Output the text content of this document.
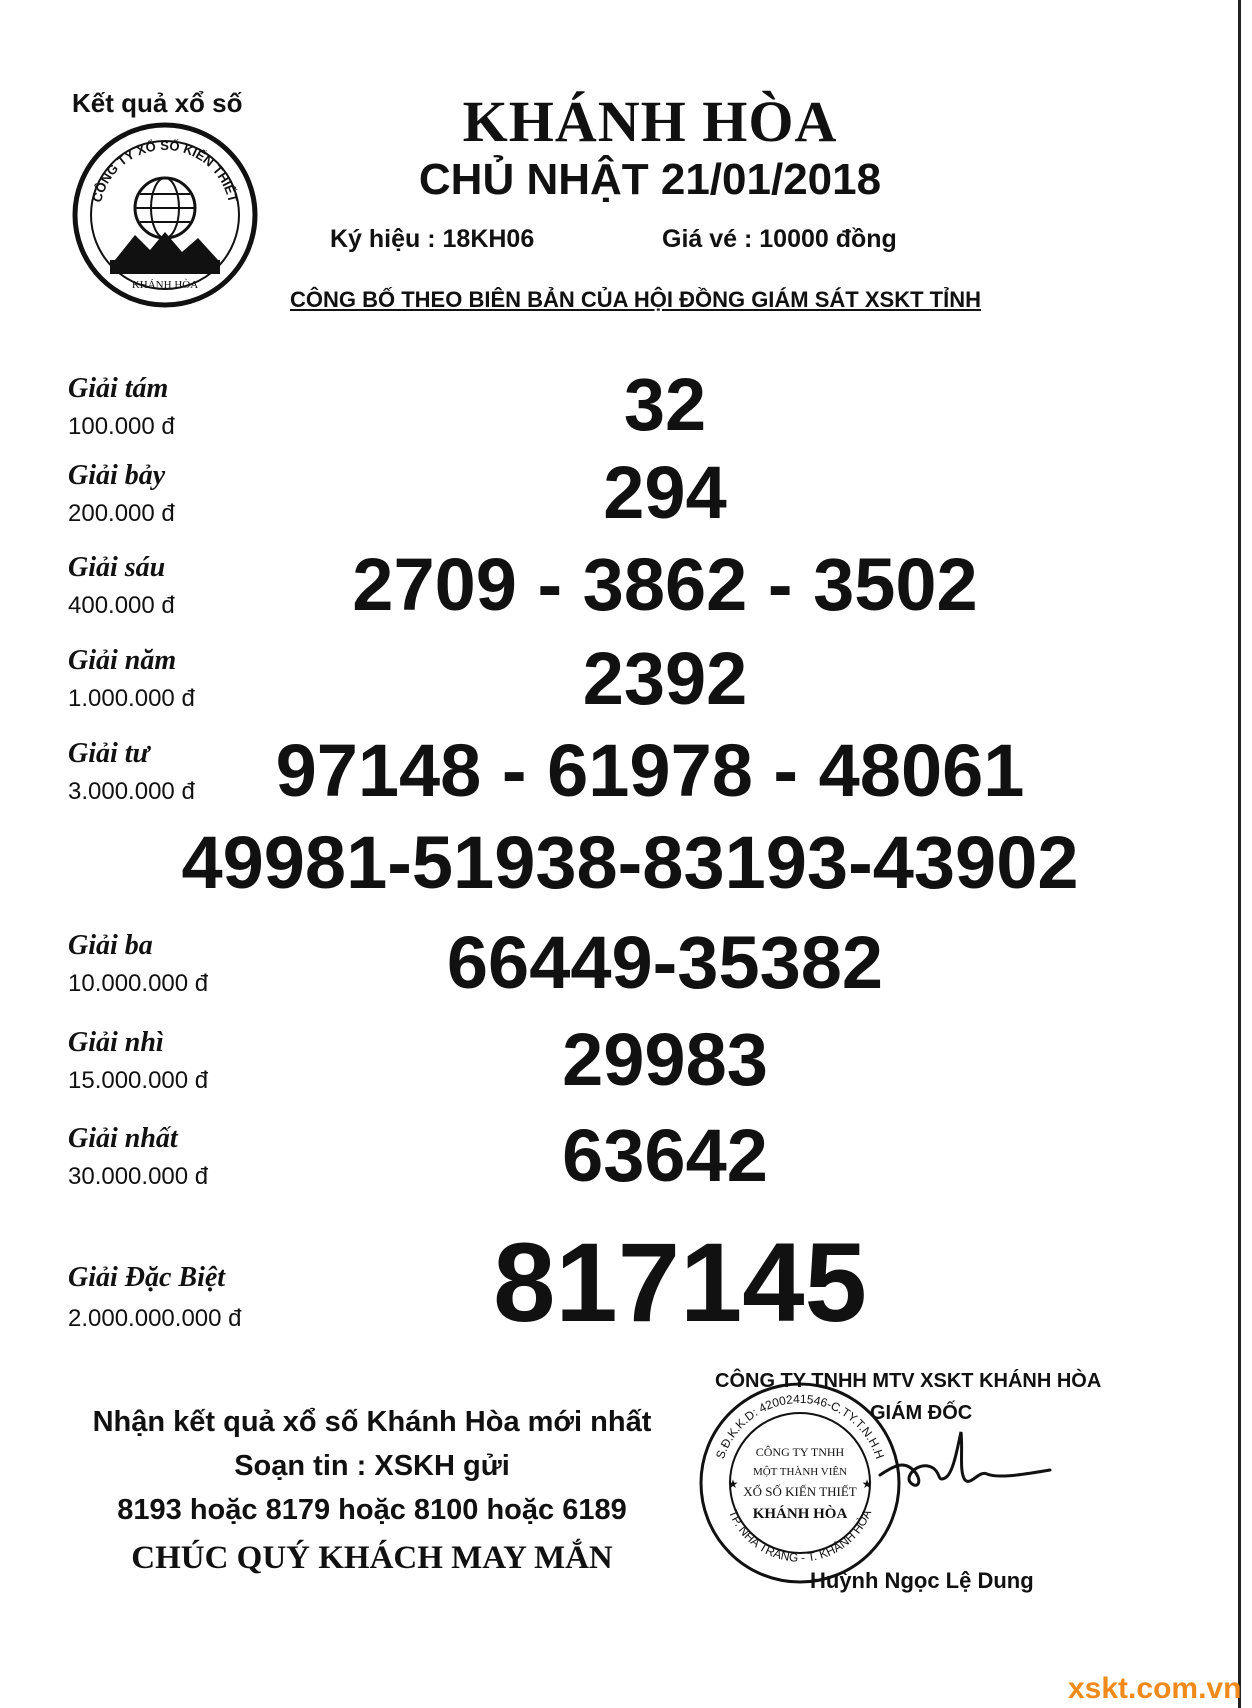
Kết quả xổ số
CÔNG TY XỔ SỐ KIẾN THIẾT
KHÁNH HÒA
KHÁNH HÒA
CHỦ NHẬT 21/01/2018
Ký hiệu : 18KH06	Giá vé : 10000 đồng
CÔNG BỐ THEO BIÊN BẢN CỦA HỘI ĐỒNG GIÁM SÁT XSKT TỈNH
Giải tám
100.000 đ	32
Giải bảy
200.000 đ	294
Giải sáu
400.000 đ	2709 - 3862 - 3502
Giải năm
1.000.000 đ	2392
Giải tư
3.000.000 đ	97148 - 61978 - 48061
49981-51938-83193-43902
Giải ba
10.000.000 đ	66449-35382
Giải nhì
15.000.000 đ	29983
Giải nhất
30.000.000 đ	63642
Giải Đặc Biệt
2.000.000.000 đ	817145
Nhận kết quả xổ số Khánh Hòa mới nhất
Soạn tin : XSKH gửi
8193 hoặc 8179 hoặc 8100 hoặc 6189
CHÚC QUÝ KHÁCH MAY MẮN
CÔNG TY TNHH MTV XSKT KHÁNH HÒA
GIÁM ĐỐC
S.Đ.K.K.D: 4200241546-C.TY.T.N.H.H
TP. NHA TRANG - T. KHÁNH HÒA
CÔNG TY TNHH
MỘT THÀNH VIÊN
XỔ SỐ KIẾN THIẾT
KHÁNH HÒA
★	★
Huỳnh Ngọc Lệ Dung
xskt.com.vn
